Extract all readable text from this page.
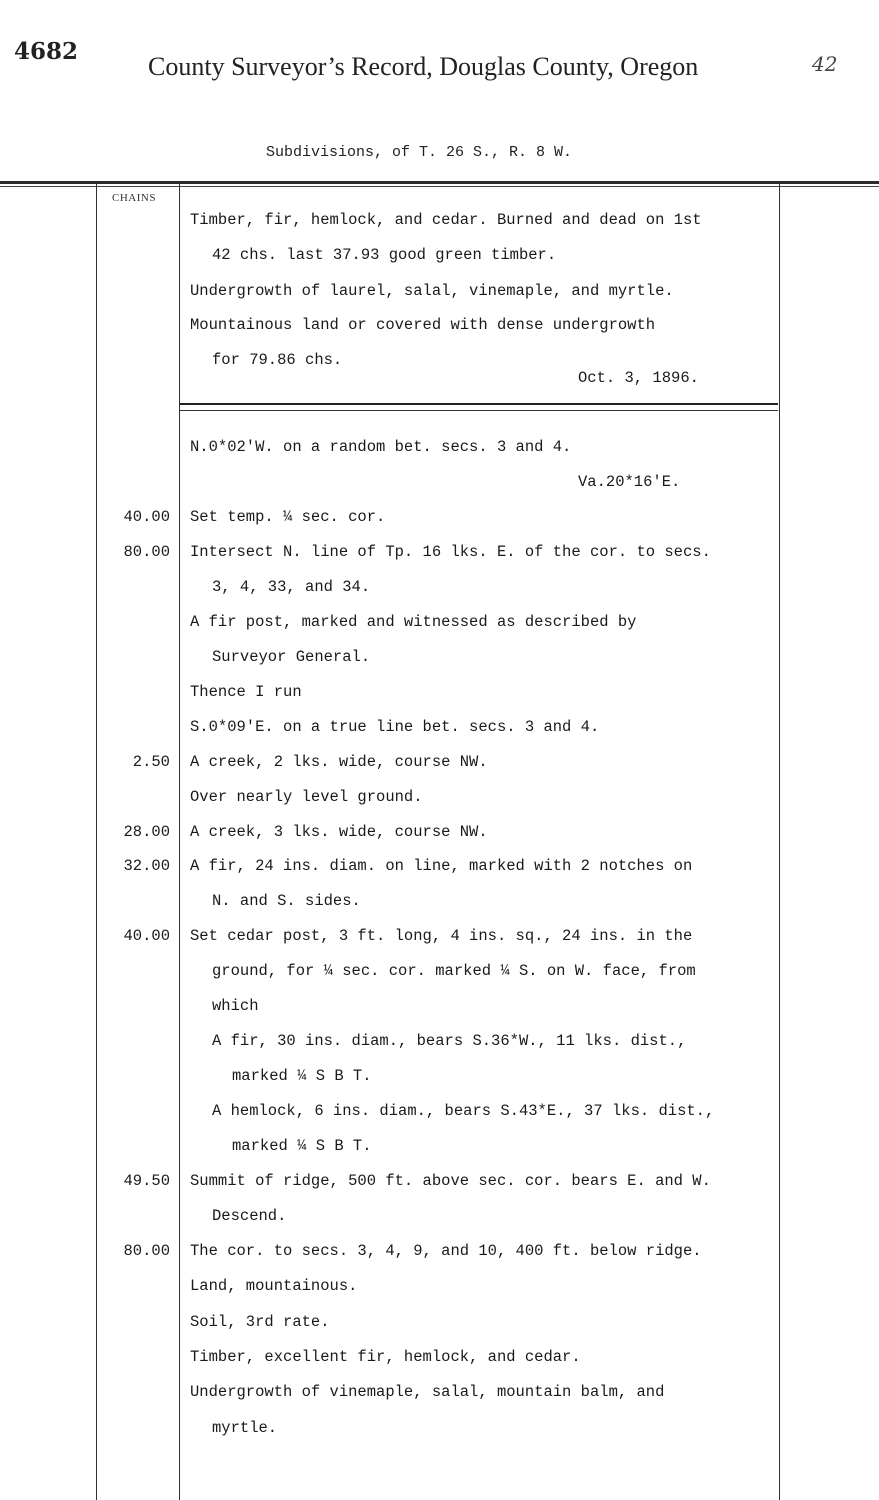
4682
County Surveyor’s Record, Douglas County, Oregon	42
Subdivisions, of T. 26 S., R. 8 W.
CHAINS
Timber, fir, hemlock, and cedar. Burned and dead on 1st
42 chs. last 37.93 good green timber.
Undergrowth of laurel, salal, vinemaple, and myrtle.
Mountainous land or covered with dense undergrowth
for 79.86 chs.
Oct. 3, 1896.
N.0*02'W. on a random bet. secs. 3 and 4.
Va.20*16'E.
40.00 Set temp. ¼ sec. cor.
80.00 Intersect N. line of Tp. 16 lks. E. of the cor. to secs.
3, 4, 33, and 34.
A fir post, marked and witnessed as described by
Surveyor General.
Thence I run
S.0*09'E. on a true line bet. secs. 3 and 4.
2.50 A creek, 2 lks. wide, course NW.
Over nearly level ground.
28.00 A creek, 3 lks. wide, course NW.
32.00 A fir, 24 ins. diam. on line, marked with 2 notches on
N. and S. sides.
40.00 Set cedar post, 3 ft. long, 4 ins. sq., 24 ins. in the
ground, for ¼ sec. cor. marked ¼ S. on W. face, from
which
A fir, 30 ins. diam., bears S.36*W., 11 lks. dist.,
marked ¼ S B T.
A hemlock, 6 ins. diam., bears S.43*E., 37 lks. dist.,
marked ¼ S B T.
49.50 Summit of ridge, 500 ft. above sec. cor. bears E. and W.
Descend.
80.00 The cor. to secs. 3, 4, 9, and 10, 400 ft. below ridge.
Land, mountainous.
Soil, 3rd rate.
Timber, excellent fir, hemlock, and cedar.
Undergrowth of vinemaple, salal, mountain balm, and
myrtle.
